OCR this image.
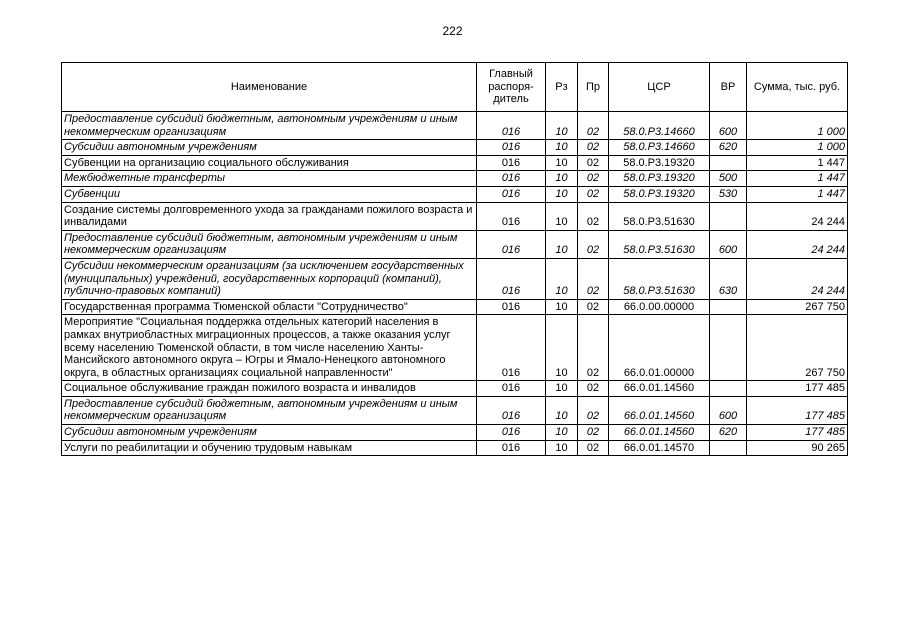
222
Наименование	Главный распоря-дитель	Рз	Пр	ЦСР	ВР	Сумма, тыс. руб.
Предоставление субсидий бюджетным, автономным учреждениям и иным некоммерческим организациям	016	10	02	58.0.P3.14660	600	1 000
Субсидии автономным учреждениям	016	10	02	58.0.P3.14660	620	1 000
Субвенции на организацию социального обслуживания	016	10	02	58.0.P3.19320		1 447
Межбюджетные трансферты	016	10	02	58.0.P3.19320	500	1 447
Субвенции	016	10	02	58.0.P3.19320	530	1 447
Создание системы долговременного ухода за гражданами пожилого возраста и инвалидами	016	10	02	58.0.P3.51630		24 244
Предоставление субсидий бюджетным, автономным учреждениям и иным некоммерческим организациям	016	10	02	58.0.P3.51630	600	24 244
Субсидии некоммерческим организациям (за исключением государственных (муниципальных) учреждений, государственных корпораций (компаний), публично-правовых компаний)	016	10	02	58.0.P3.51630	630	24 244
Государственная программа Тюменской области "Сотрудничество"	016	10	02	66.0.00.00000		267 750
Мероприятие "Социальная поддержка отдельных категорий населения в рамках внутриобластных миграционных процессов, а также оказания услуг всему населению Тюменской области, в том числе населению Ханты-Мансийского автономного округа – Югры и Ямало-Ненецкого автономного округа, в областных организациях социальной направленности"	016	10	02	66.0.01.00000		267 750
Социальное обслуживание граждан пожилого возраста и инвалидов	016	10	02	66.0.01.14560		177 485
Предоставление субсидий бюджетным, автономным учреждениям и иным некоммерческим организациям	016	10	02	66.0.01.14560	600	177 485
Субсидии автономным учреждениям	016	10	02	66.0.01.14560	620	177 485
Услуги по реабилитации и обучению трудовым навыкам	016	10	02	66.0.01.14570		90 265
